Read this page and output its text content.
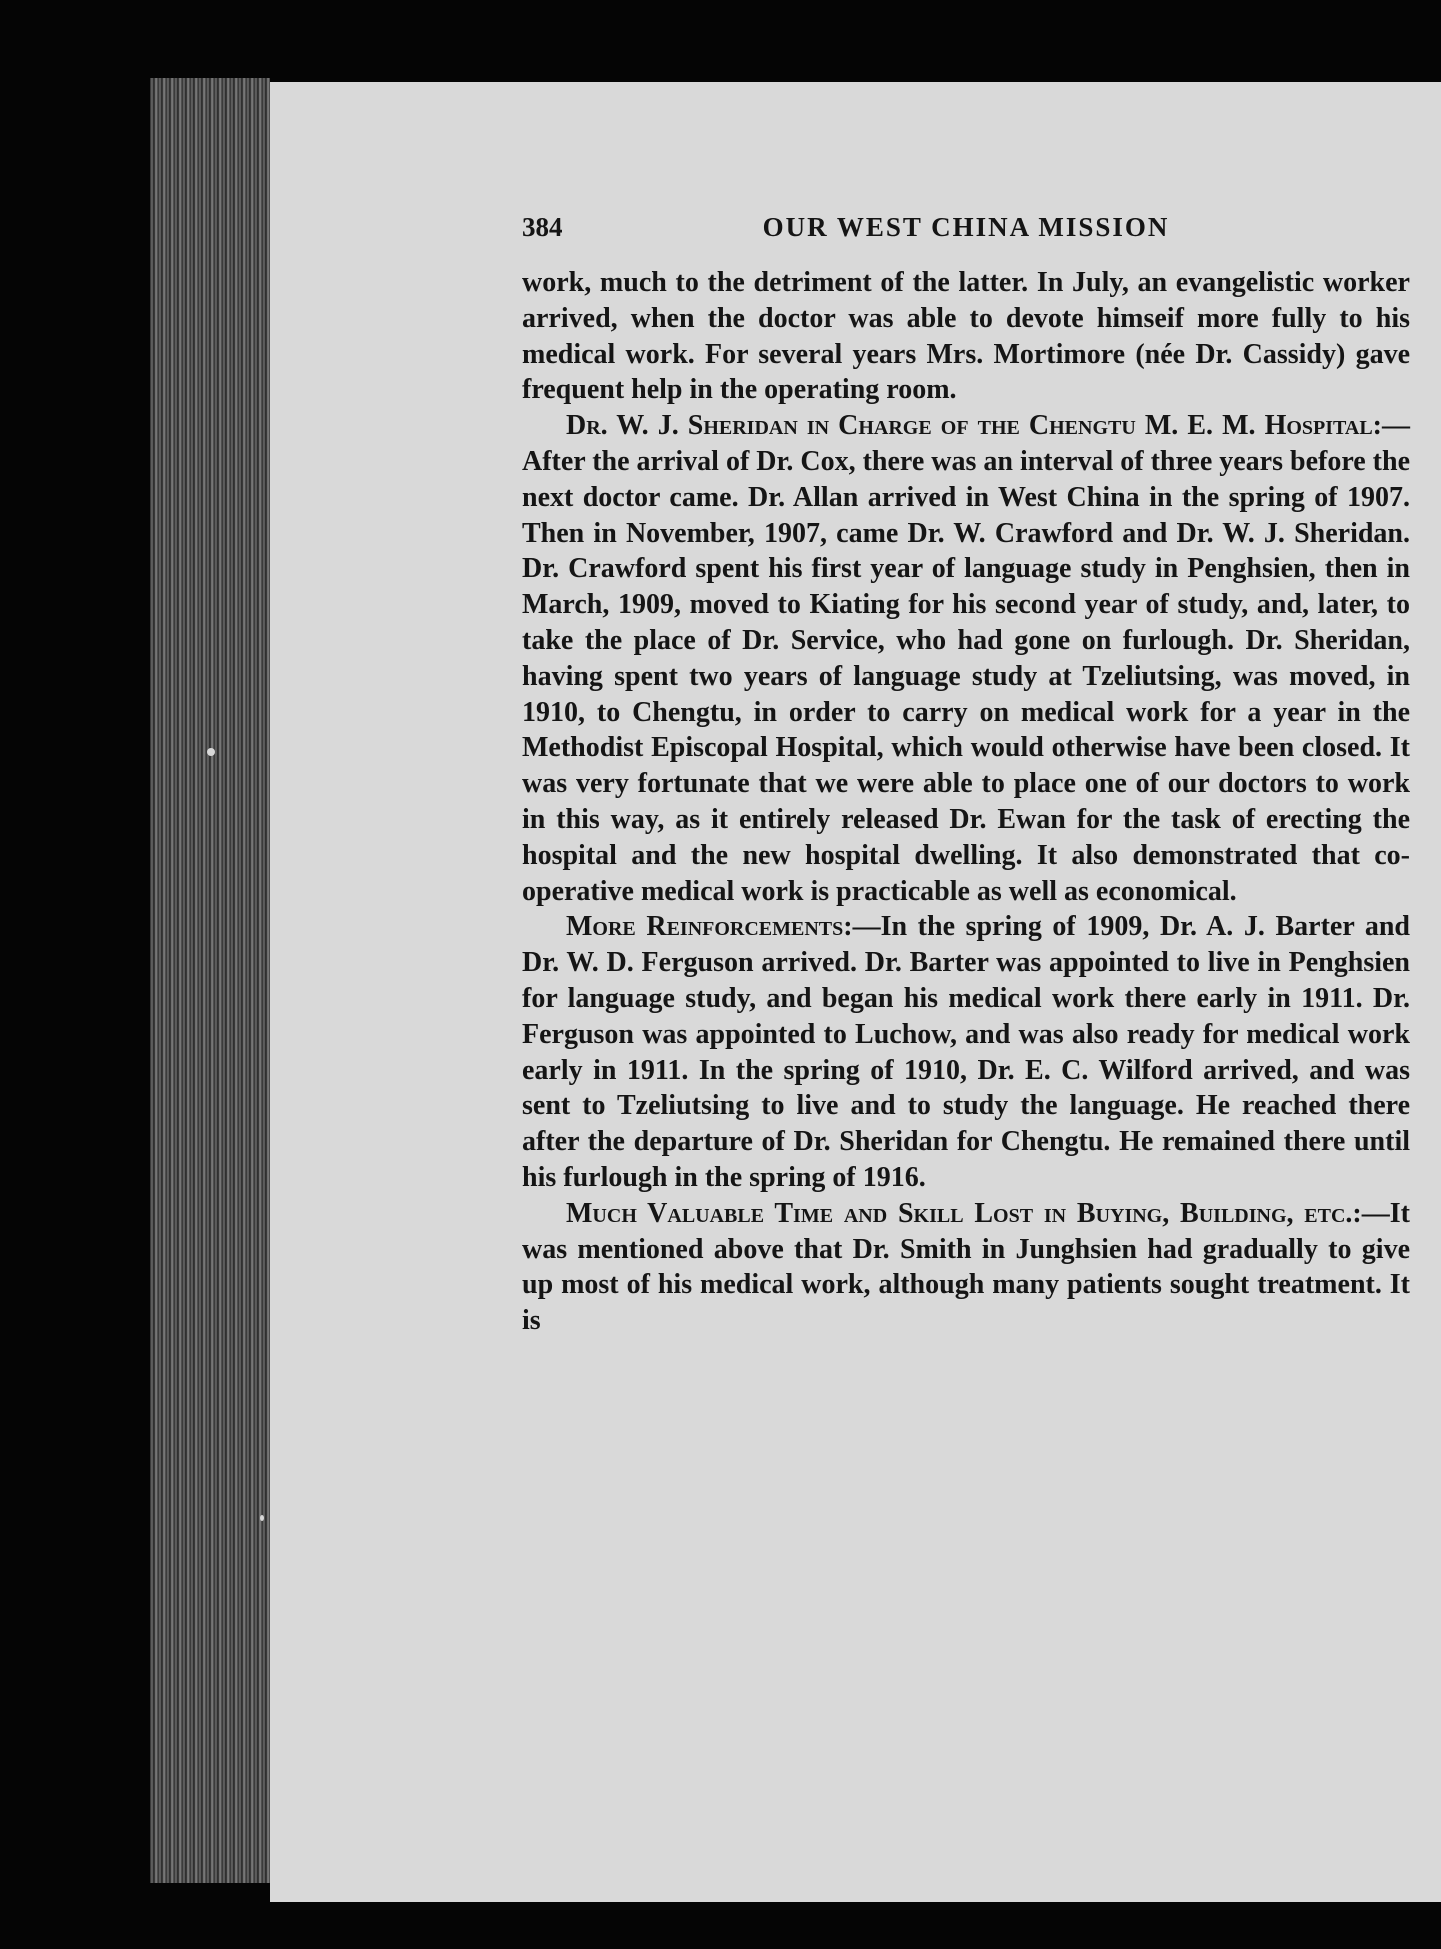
384	OUR WEST CHINA MISSION

work, much to the detriment of the latter. In July, an evangelistic worker arrived, when the doctor was able to devote himseif more fully to his medical work. For several years Mrs. Mortimore (née Dr. Cassidy) gave frequent help in the operating room.

Dr. W. J. Sheridan in Charge of the Chengtu M. E. M. Hospital:—After the arrival of Dr. Cox, there was an interval of three years before the next doctor came. Dr. Allan arrived in West China in the spring of 1907. Then in November, 1907, came Dr. W. Crawford and Dr. W. J. Sheridan. Dr. Crawford spent his first year of language study in Penghsien, then in March, 1909, moved to Kiating for his second year of study, and, later, to take the place of Dr. Service, who had gone on furlough. Dr. Sheridan, having spent two years of language study at Tzeliutsing, was moved, in 1910, to Chengtu, in order to carry on medical work for a year in the Methodist Episcopal Hospital, which would otherwise have been closed. It was very fortunate that we were able to place one of our doctors to work in this way, as it entirely released Dr. Ewan for the task of erecting the hospital and the new hospital dwelling. It also demonstrated that co-operative medical work is practicable as well as economical.

More Reinforcements:—In the spring of 1909, Dr. A. J. Barter and Dr. W. D. Ferguson arrived. Dr. Barter was appointed to live in Penghsien for language study, and began his medical work there early in 1911. Dr. Ferguson was appointed to Luchow, and was also ready for medical work early in 1911. In the spring of 1910, Dr. E. C. Wilford arrived, and was sent to Tzeliutsing to live and to study the language. He reached there after the departure of Dr. Sheridan for Chengtu. He remained there until his furlough in the spring of 1916.

Much Valuable Time and Skill Lost in Buying, Building, etc.:—It was mentioned above that Dr. Smith in Junghsien had gradually to give up most of his medical work, although many patients sought treatment. It is
